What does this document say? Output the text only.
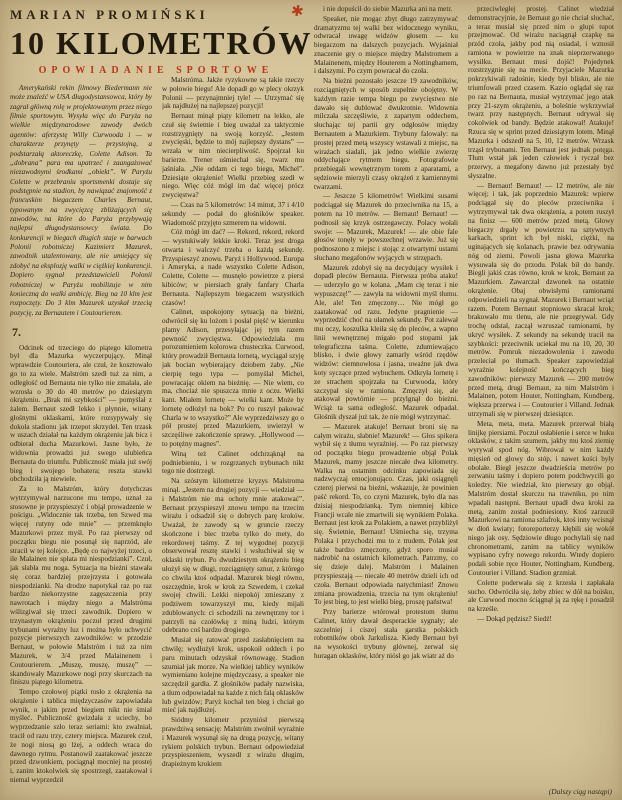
MARIAN PROMIŃSKI
10 KILOMETRÓW
OPOWIADANIE SPORTOWE
✱

Amerykański rekin filmowy Biedermann nie może znaleźć w USA długodystansowca, który by zagrał główną rolę w projektowanym przez niego filmie sportowym. Wysyła więc do Paryża na wielkie międzynarodowe zawody dwóch agentów: aferzystę Willy Curwooda i — w charakterze przynęty — przystojną, a podstarzałą aktoreczkę, Colette Adison. Ta „dobrana” para ma upatrzeć i zaangażować niezawodnymi środkami „obiekt”. W Paryżu Colette w przebraniu sportsmenki dostaje się podstępnie na stadion, by nawiązać znajomość z francuskim biegaczem Charles Bernaut, typowanym na zwycięzcę zbliżających się zawodów, na które do Paryża przybywają najlepsi długodystansowcy świata. Do konkurencji w biegach długich staje w barwach Polonii robotniczej Kazimierz Mazurek, zawodnik utalentowany, ale nie umiejący się zdobyć na eksplozję walki w ciężkiej konkurencji. Dopiero sygnał przedstawicieli Polonii robotniczej w Paryżu mobilizuje w nim konieczną do walki ambicję. Bieg na 10 klm jest rozpoczęty. Do 3 klm Mazurek uzyskał trzecią pozycję, za Bernautem i Coutourierem.

7.

Odcinek od trzeciego do piątego kilometra był dla Mazurka wyczerpujący. Minął wprawdzie Coutouriera, ale czuł, że kosztowało go to za wiele. Malstróm szedł tuż za nim, a odległość od Bernauta nie tylko nie zmalała, ale wzrosła o 30 do 40 metrów po dziesiątym okrążeniu. „Brak mi szybkości” — pomyślał z żalem. Bernaut szedł lekko i płynnie, witany głośnymi oklaskami, które rozsypywały się dokoła stadionu jak trzepot skrzydeł. Ten trzask w uszach działał na każdym okrążeniu jak bicz i odbierał ducha Mazurkowi. Jasne było, że widownia prowadzi już swego ulubieńca Bernauta do triumfu. Publiczność miała już swój bieg i swojego bohatera; reszta stawki obchodziła ją niewiele.

Za to Malstróm, który dotychczas wytrzymywał narzucone mu tempo, uznał za stosowne je przyspieszyć i objął prowadzenie w pościgu. „Widocznie tak trzeba, ten Szwed ma więcej rutyny ode mnie” — przemknęło Mazurkowi przez myśl. Po raz pierwszy od początku biegu nie posunął się naprzód, ale stracił w tej kolejce. „Będę co najwyżej trzeci, o ile Malainen nie spłata mi niespodzianki”. Czuł, jak słabła mu noga. Sytuacja na bieżni stawała się coraz bardziej przejrzysta i gotowała niespodzianki. Na drodze napotykał raz po raz bardzo niekorzystne zagęszczenia przy nawrotach i między niego a Malstróma wślizgiwał się trzeci zawodnik. Dopiero w trzynastym okrążeniu poczuł przed drugimi trybunami wyraźny luz i można było uchwycić pozycje pierwszych zawodników: w przodzie Bernaut, w połowie Malstróm i tuż za nim Mazurek, w 3/4 przed Malainenem i Coutourierem. „Muszę, muszę, muszę” — skandowały Mazurkowe nogi przy skurczach na finiszu piątego kilometra.

Tempo czołowej piątki rosło z okrążenia na okrążenie i tablica międzyczasów zapowiadała wynik, o jakim przed biegiem nikt nie śmiał myśleć. Publiczność gwizdała z uciechy, bo wyprzedzanie szło teraz seriami: kto zwalniał, tracił od razu trzy, cztery miejsca. Mazurek czuł, że nogi niosą go lżej, a oddech wraca do dawnego rytmu. Postanowił zaatakować jeszcze przed dzwonkiem, pociągnął mocniej na prostej i, zanim ktokolwiek się spostrzegł, zaatakował i niemal wyprzedził

Malstróma. Jakże ryzykowne są takie rzeczy w połowie biegu! Ale dopadł go w plecy okrzyk Polonii — przynajmniej tyle! — Utrzymać się jak najdłużej na najlepszej pozycji!

Bernaut minął piąty kilometr na lekko, ale czuł się świetnie i bieg uważał za taktycznie rozstrzygnięty na swoją korzyść. „Jestem zwycięski, będzie to mój najlepszy dystans” — wrzała w nim niecierpliwość. Spojrzał ku barierze. Trener uśmiechał się, twarz mu jaśniała. „Nie oddam ci tego biegu, Michel”. Dziesiąte okrążenie! Wielki przebieg szedł w niego. Więc cóż mógł im dać więcej prócz zwycięstwa?

— Czas na 5 kilometrów: 14 minut, 37 i 4/10 sekundy — podał do głośników speaker. Wiadomość przyjęto szmerem na widowni.

Cóż mógł im dać? — Rekord, rekord, rekord — wystukiwały lekkie kroki. Teraz jest droga otwarta i walczyć trzeba o każdą sekundę. Przyspieszyć znowu. Paryż i Hollywood. Europa i Ameryka, a nade wszystko Colette Adison, Colette, Colette — musnęło powietrze z piersi kibiców; w piersiach grały fanfary Charla Bernauta. Najlepszym biegaczem wszystkich czasów!

Calinet, uspokojony sytuacją na bieżni, odwrócił się ku lożom i posłał pięść w kierunku plamy Adison, przesyłając jej tym razem pewność zwycięstwa. Odpowiedziała mu porozumieniem kolorowa chusteczka. Curwood, który prowadził Bernauta lornetą, wyciągał szyję jak bocian wybierający dziobem żaby. „Nie cierpię tego typa — pomyślał Michel, powracając okiem na bieżnię. — Nie wiem, co ma, chociaż nie spuszcza mnie z oczu. Wielki kant. Miałem lornetę — wielki kant. Może by lornetę odłożył na bok? Po co ruszył pakować Charla w to wszystko?” Ale wyprzedziwszy go o pół prostej przed Mazurkiem, uwierzył w szczęśliwe zakończenie sprawy. „Hollywood — to potężny magnes”.

Winą też Calinet odchrząknął na podniebieniu, i w rozgrzanych trybunach nikt tego nie dostrzegł.

Na szóstym kilometrze kryzys Malstroma minął. „Jestem na drugiej pozycji — wiedział — i Malstróm nie ma ochoty mnie atakować”. Bernaut przyspieszył znowu tempo na trzecim wirażu i odsadził się o dobrych parę kroków. Uważał, że zawody są w gruncie rzeczy skończone i biec trzeba tylko do mety, do rekordowej taśmy. Z tej wygodnej pozycji obserwował resztę stawki i wsłuchiwał się w oklaski trybun. Po dwudziestym okrążeniu bieg ułożył się w długi, rozciągnięty sznur, z którego co chwila ktoś odpadał. Mazurek biegł równo, oszczędnie, krok w krok za Szwedem, i czekał swojej chwili. Lekki niepokój zmieszany z podziwem towarzyszył mu, kiedy mijali zdublowanych: ci schodzili na zewnętrzny tor i patrzyli na czołówkę z miną ludzi, którym odebrano coś bardzo drogiego.

Musiał się ratować przed zasłabnięciem na chwilę; wydłużył krok, uspokoił oddech i po paru minutach odzyskał równowagę. Stadion szumiał jak morze. Na wielkiej tablicy wyników wymieniano kolejne międzyczasy, a speaker nie szczędził gardła. Z głośników padały nazwiska, a tłum odpowiadał na każde z nich falą oklasków lub gwizdów; Paryż kochał ten bieg i chciał go mieć jak najdłużej.

Siódmy kilometr przyniósł pierwszą prawdziwą sensację: Malstróm zwolnił wyraźnie i Mazurek wysunął się na drugą pozycję, witany rykiem polskich trybun. Bernaut odpowiedział przyspieszeniem, wyszedł z wirażu długim, drapieżnym krokiem

i nie dopuścił do siebie Mazurka ani na metr.

Speaker, nie mogąc zbyt długo zatrzymywać dramatyzmu tej walki bez widocznego wyniku, odwracał uwagę widzów głosem — ku biegaczom na dalszych pozycjach. Wyjaśniał znaczenie gry o miejsce między Malstromem a Malainenem, między Houterem a Nottinghamem, i dalszymi. Po czym powracał do czoła.

Na bieżni pozostało jeszcze 19 zawodników, rozciągniętych w sposób zupełnie obojętny. W każdym razie tempa biegu po zwycięstwo nie dawało się dublować dwukrotnie. Widownia milczała szczęśliwie, z zapartym oddechem, słuchając tej partii gry odgłosów między Bernautem a Mazurkiem. Trybuny falowały: na prostej przed metą wszyscy wstawali z miejsc, na wirażach siadali, jak jedno wielkie zwierzę oddychające rytmem biegu. Fotografowie przebiegali wewnętrznym torem z aparatami, a sędziowie mierzyli czasy okrążeń z kamiennymi twarzami.

— Jeszcze 5 kilometrów! Wielkimi susami podciągał się Mazurek do przeciwnika na 15, a potem na 10 metrów. — Bernaut! Bernaut! — podnosił się krzyk ostrzegawczy. Polacy wołali swoje: — Mazurek, Mazurek! — ale obie fale głosów tonęły w powszechnej wrzawie. Już się podnoszono z miejsc i stojąc z otwartymi ustami słuchano megafonów wyjących w strzępach.

Mazurek zdobył się na decydujący wysiłek i dopadł pleców Bernauta. Pierwsza próba ataku! — uderzyło go w kolana. „Mam cię teraz i nie wypuszczę!” — zawyła na widowni myśl tłumu. Ale, ale! Ten zmęczony… Nie mógł go zaatakować od razu. Jedyne pragnienie — wyprzedzić choć na ułamek sekundy. Pot zalewał mu oczy, koszulka kleiła się do pleców, a wapno linii wewnętrznej migało pod stopami jak telegraficzna taśma. Colette, zdumiewająco blisko, i dwie głowy zamarły wśród rzędów widzów: ciemnowłosa i jasna, uważne jak dwa koty syczące przed wybuchem. Odkryła lornetę i ze strachem spojrzała na Curwooda, który szczypał się w ramiona. Zmęczył się, ale atakował powtórnie — przylgnął do bieżni. Wciąż ta sama odległość. Mazurek odpadał. Głośnik dyszał już tak, że nie mógł wytrzymać.

— Mazurek atakuje! Bernaut broni się na całym wirażu, słabnie! Mazurek! — Głos spikera wybił się z tłumu wyraźniej. — Po raz pierwszy od początku biegu prowadzenie objął Polak Mazurek, mamy jeszcze niecałe dwa kilometry. Walka na ostatnim odcinku zapowiada się nadzwyczaj emocjonująco. Czas, jaki osiągnęli czterej pierwsi na bieżni, wskazuje, że powinien paść rekord. To, co czyni Mazurek, było dla nas dzisiaj niespodzianką. Tym niemniej kibice Francji wcale nie zmartwili się wynikiem Polaka. Bernaut jest krok za Polakiem, a nawet przybliżył się. Świetnie, Bernaut! Uśmiecha się, trzyma Polaka i przychodzi mu to z trudem. Polak jest także bardzo zmęczony, gdyż sporo musiał nadrobić na ostatnich kilometrach. Patrzmy, co się dzieje dalej. Malstróm i Malainen przyspieszają — niecałe 40 metrów dzieli ich od czoła. Bernaut odpowiada natychmiast! Znowu zmiana prowadzenia, trzecia na tym okrążeniu! To jest bieg, to jest wielki bieg, proszę państwa!

Przy barierze wtórował protestom tłumu Calinet, który dawał desperackie sygnały; ale szczelniej i ciszej stała garstka polskich robotników obok Jarkulisza. Kiedy Bernaut był na wysokości trybuny głównej, zerwał się huragan oklasków, który niósł go jak wiatr aż do

przeciwległej prostej. Calinet wiedział demonstracyjnie, że Bernaut go nie chciał słuchać, a teraz musiał się przed nim o głupi tupot przejmować. Od wirażu naciągnął czapkę na przód czoła, jakby pod nią osiadał, i wznosił ramiona w powietrze na znak nieprzerwanego wysiłku. Bernaut musi dojść! Pojedynek rozstrzygnie się na mecie. Przyjaciele Mazurka pokrzykiwali radośnie, kiedy był blisko, ale nie triumfowali przed czasem. Kazio oglądał się raz po raz na Bernauta, musiał wytrzymać jego atak przy 21-szym okrążeniu, a boleśnie wykrzywiał twarz przy następnych. Bernaut odrywał się cokolwiek od bandy. Będzie atakował! Atakuje! Rzuca się w sprint przed dziesiątym lotem. Minął Mazurka i odszedł na 5, 10, 12 metrów. Wrzask trząsł trybunami. Ten Bernaut jest jednak potęga. Tłum wstał jak jeden człowiek i ryczał bez przerwy, a megafony dawno już przestały być słyszalne.

— Bernaut! Bernaut! — 12 metrów, ale nie więcej; i tak, jak poprzednio Mazurek: wpierw podciągał się do pleców przeciwnika i wytrzymywał tak dwa okrążenia, a potem ruszył na finisz — 600 metrów przed metą. Głowy biegaczy drgały w powietrzu na sztywnych karkach, sprint ich był niski, ciężki, na uginających się kolanach, prawie bez odrywania nóg od ziemi. Powoli jasna głowa Mazurka wysuwała się do przodu. Polak bił do bandy. Biegli jakiś czas równo, krok w krok, Bernaut za Mazurkiem. Zawarczał dzwonek na ostatnie okrążenie. Obaj obwisłymi ramionami odpowiedzieli na sygnał. Mazurek i Bernaut wciąż razem. Potem Bernaut stopniowo skracał krok; brakowało mu tlenu, ale nie przegrywał. Gdy trochę odstał, zaczął wzruszać ramionami, by ukryć wysiłek. Z sekundy na sekundę tracił na szybkości: przeciwnik uciekał mu na 10, 20, 30 metrów. Pomruk niezadowolenia i zawodu przeleciał po tłumach. Speaker zapowiedział wyraźnie kolejność kończących bieg zawodników: pierwszy Mazurek — 200 metrów przed metą, drugi Bernaut, za nim Malstróm i Malainen, potem Houter, Nottingham, Kundberg, większa przerwa i — Coutourier i Villand. Jednak utrzymali się w pierwszej dziesiątce.

Meta, meta, meta. Mazurek przerwał białą linijkę piersiami. Poczuł osłabienie i serce w huku oklasków, z takim szumem, jakby mu ktoś ziemię wyrywał spod nóg. Wibrował w nim każdy mięsień od głowy do stóp, i nawet kości były obolałe. Biegł jeszcze dwadzieścia metrów po zerwaniu taśmy i dopiero potem podchwycili go koledzy. Nie wiedział, kto pierwszy go objął. Malstróm dostał skurczu na trawniku, po nim wpadali następni. Bernaut upadł dwa kroki za metą, zanim został podniesiony. Ktoś zarzucił Mazurkowi na ramiona szlafrok, ktoś inny wcisnął w dłoń kwiaty; fotoreporterzy kłębili się wokół niego jak osy. Sędziowie długo pochylali się nad chronometrami, zanim na tablicy wyników wypisano cyfry nowego rekordu. Wtedy dopiero podali sobie ręce Houter, Nottingham, Kundberg, Coutourier i Villand. Stadion grzmiał.

Colette poderwała się z krzesła i zapłakała sucho. Odwróciła się, żeby zbiec w dół na boisko, ale Curwood mocno ściągnął ją za rękę i posadził na krześle.

— Dokąd pędzisz? Siedź!

(Dalszy ciąg nastąpi)
